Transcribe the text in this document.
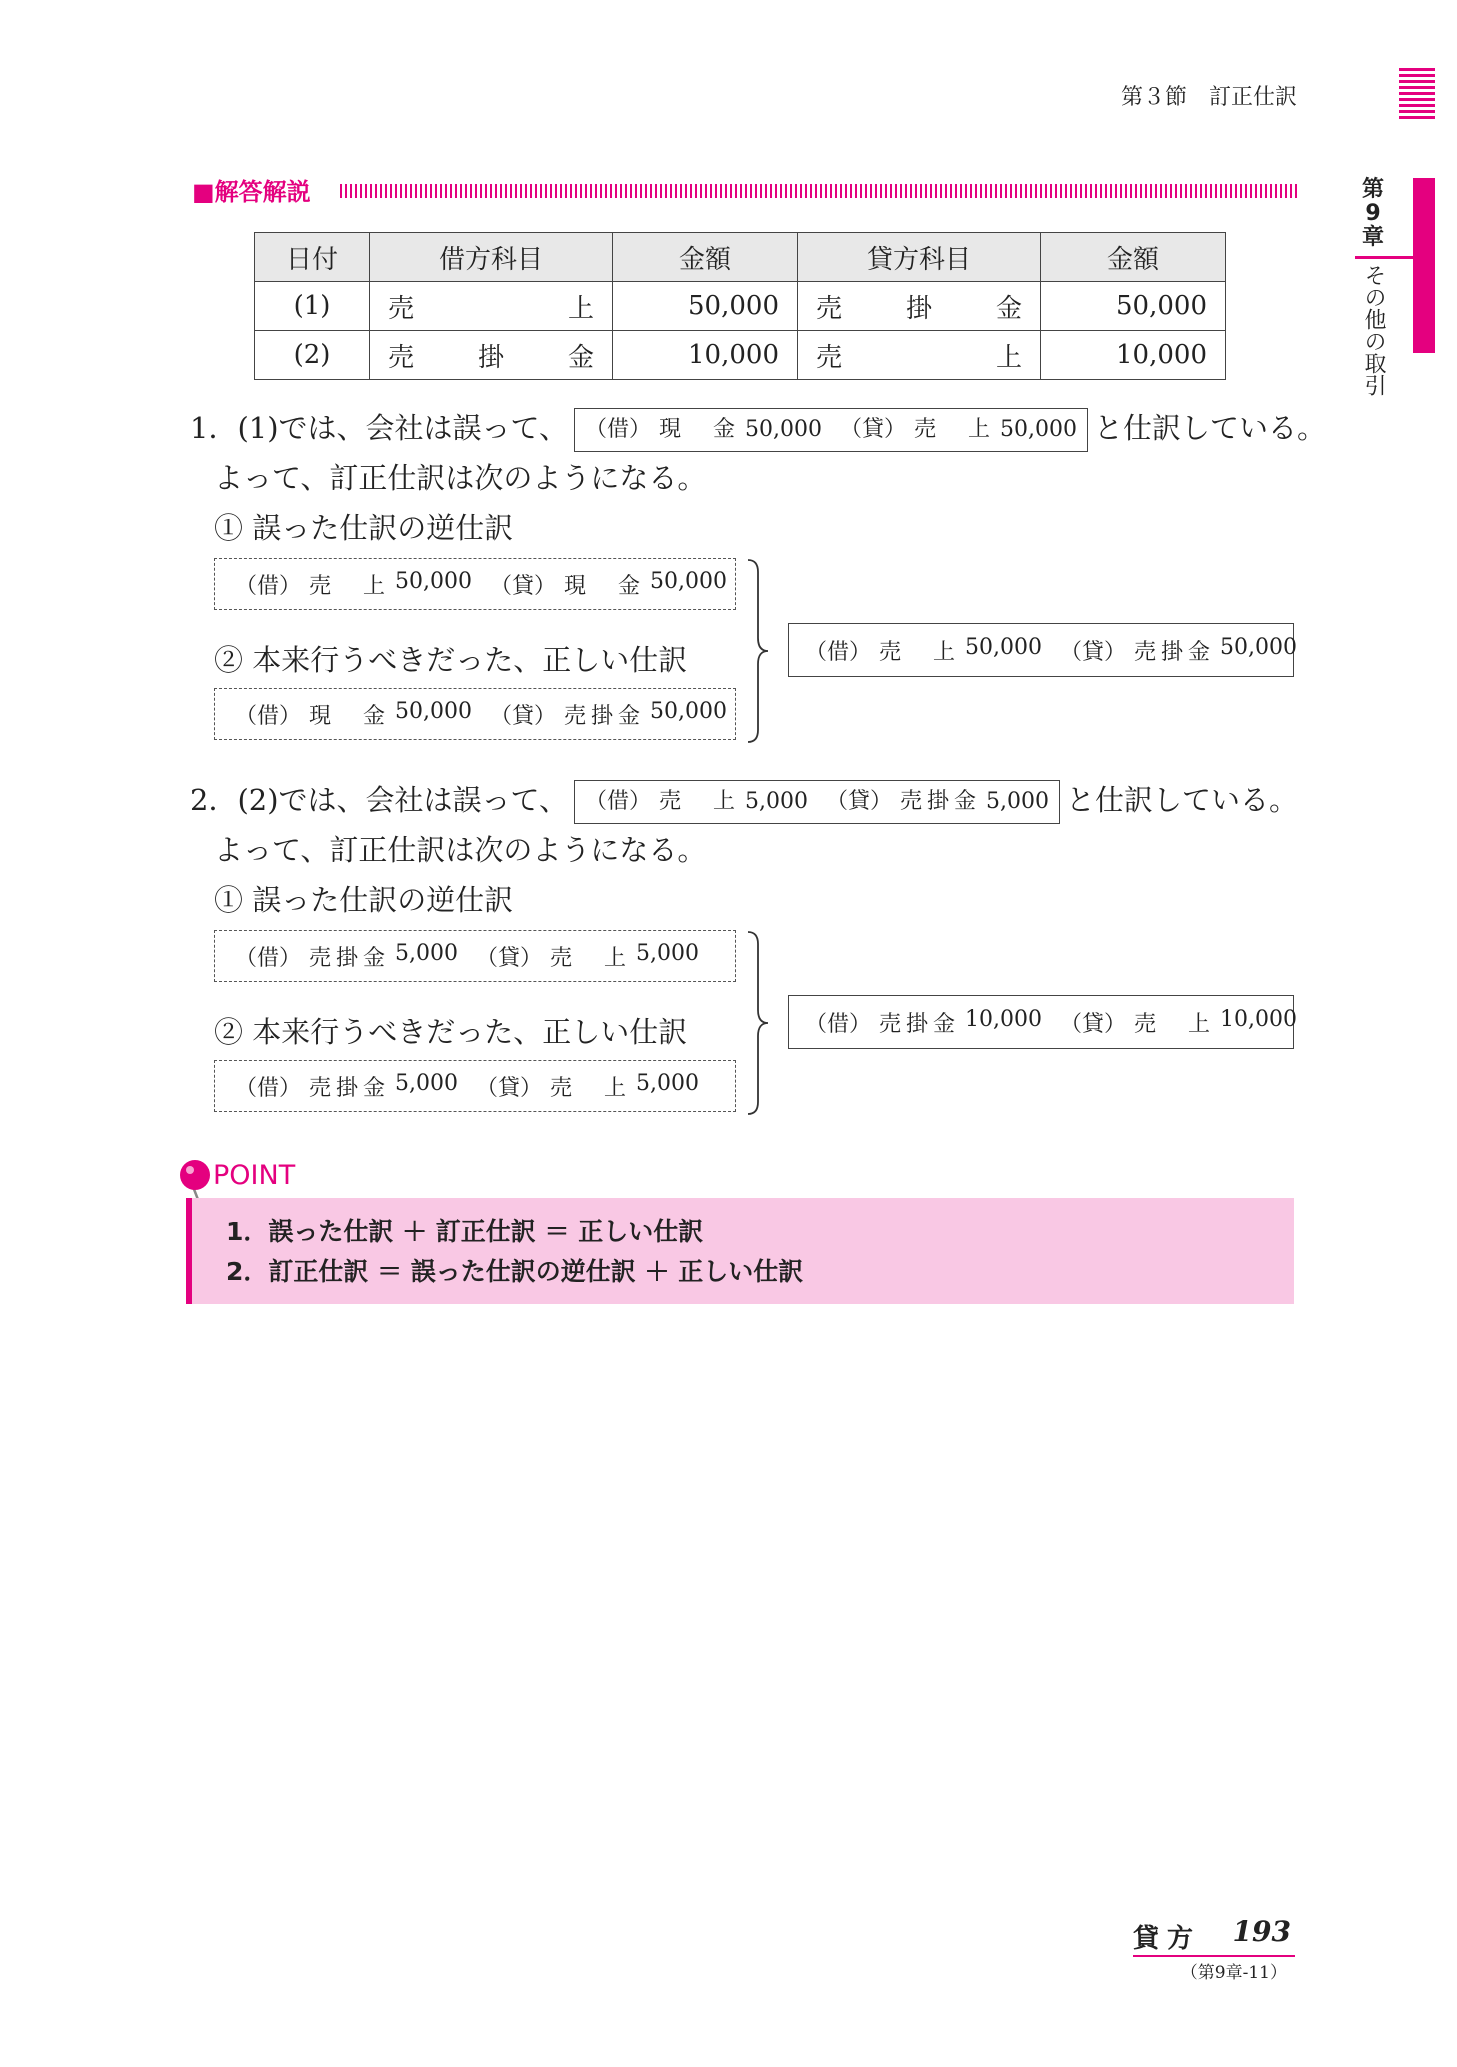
第３節　訂正仕訳
第9章
その他の取引
■解答解説
日付	借方科目	金額	貸方科目	金額
(1)	売 上	50,000	売 掛 金	50,000
(2)	売 掛 金	10,000	売 上	10,000
1．(1)では、会社は誤って、 （借） 現 金 50,000 （貸） 売 上 50,000 と仕訳している。
よって、訂正仕訳は次のようになる。
① 誤った仕訳の逆仕訳
（借） 売 上 50,000 （貸） 現 金 50,000
② 本来行うべきだった、正しい仕訳
（借） 現 金 50,000 （貸） 売 掛 金 50,000
（借） 売 上 50,000 （貸） 売 掛 金 50,000
2．(2)では、会社は誤って、 （借） 売 上 5,000 （貸） 売 掛 金 5,000 と仕訳している。
よって、訂正仕訳は次のようになる。
① 誤った仕訳の逆仕訳
（借） 売 掛 金 5,000 （貸） 売 上 5,000
② 本来行うべきだった、正しい仕訳
（借） 売 掛 金 5,000 （貸） 売 上 5,000
（借） 売 掛 金 10,000 （貸） 売 上 10,000
POINT
1．誤った仕訳 ＋ 訂正仕訳 ＝ 正しい仕訳
2．訂正仕訳 ＝ 誤った仕訳の逆仕訳 ＋ 正しい仕訳
貸方 193
（第9章-11）
